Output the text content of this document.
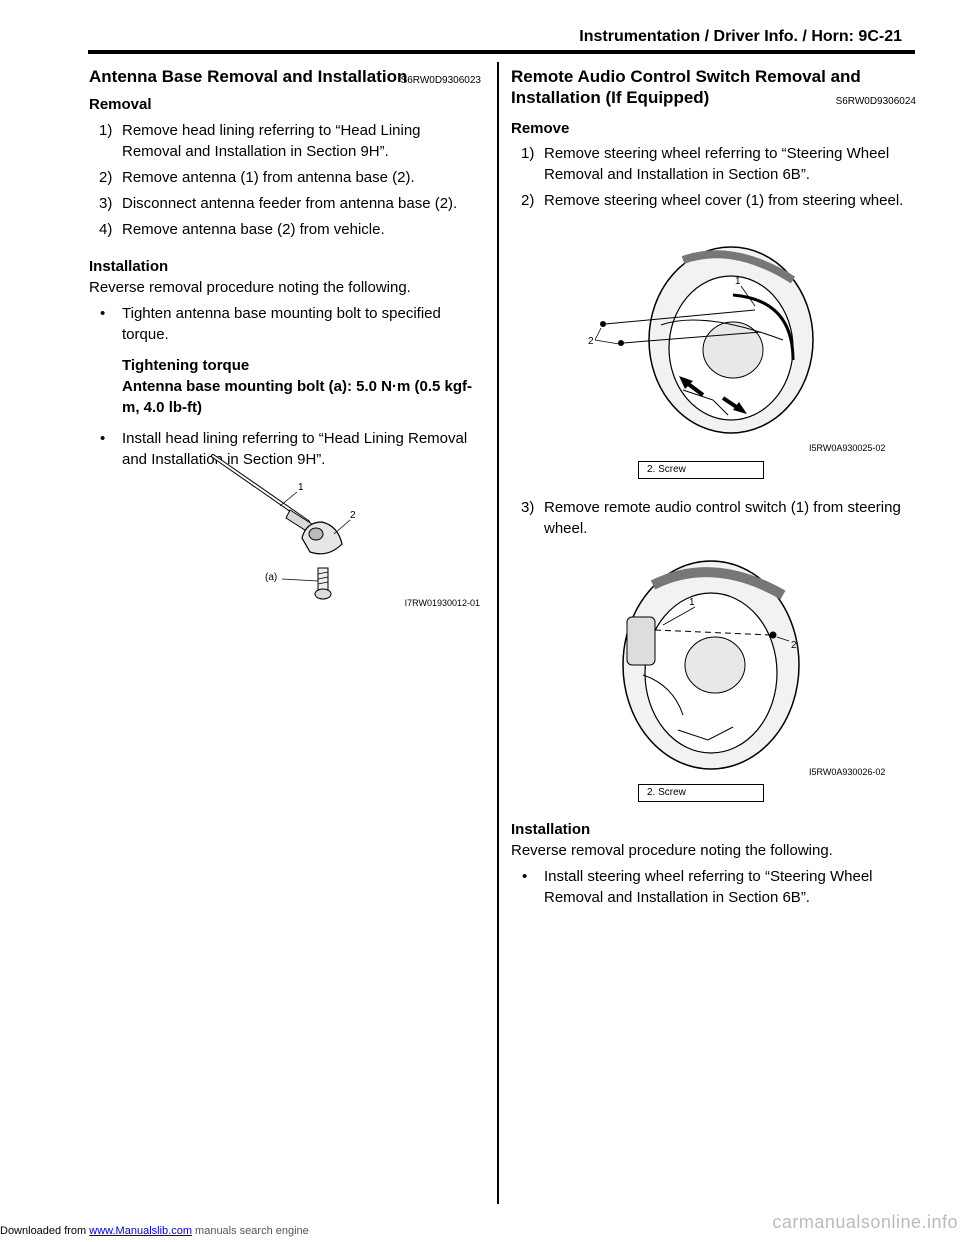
Instrumentation / Driver Info. / Horn: 9C-21
Antenna Base Removal and Installation
S6RW0D9306023

Removal

1) Remove head lining referring to “Head Lining Removal and Installation in Section 9H”.
2) Remove antenna (1) from antenna base (2).
3) Disconnect antenna feeder from antenna base (2).
4) Remove antenna base (2) from vehicle.

Installation

Reverse removal procedure noting the following.

• Tighten antenna base mounting bolt to specified torque.
Tightening torque
Antenna base mounting bolt (a): 5.0 N·m (0.5 kgf-m, 4.0 lb-ft)
• Install head lining referring to “Head Lining Removal and Installation in Section 9H”.
1
2
(a)
I7RW01930012-01
Remote Audio Control Switch Removal and Installation (If Equipped)	S6RW0D9306024

Remove

1) Remove steering wheel referring to “Steering Wheel Removal and Installation in Section 6B”.
2) Remove steering wheel cover (1) from steering wheel.
1
2
I5RW0A930025-02
2. Screw
3) Remove remote audio control switch (1) from steering wheel.
1
2
I5RW0A930026-02
2. Screw

Installation

Reverse removal procedure noting the following.

• Install steering wheel referring to “Steering Wheel Removal and Installation in Section 6B”.
Downloaded from www.Manualslib.com manuals search engine	carmanualsonline.info
